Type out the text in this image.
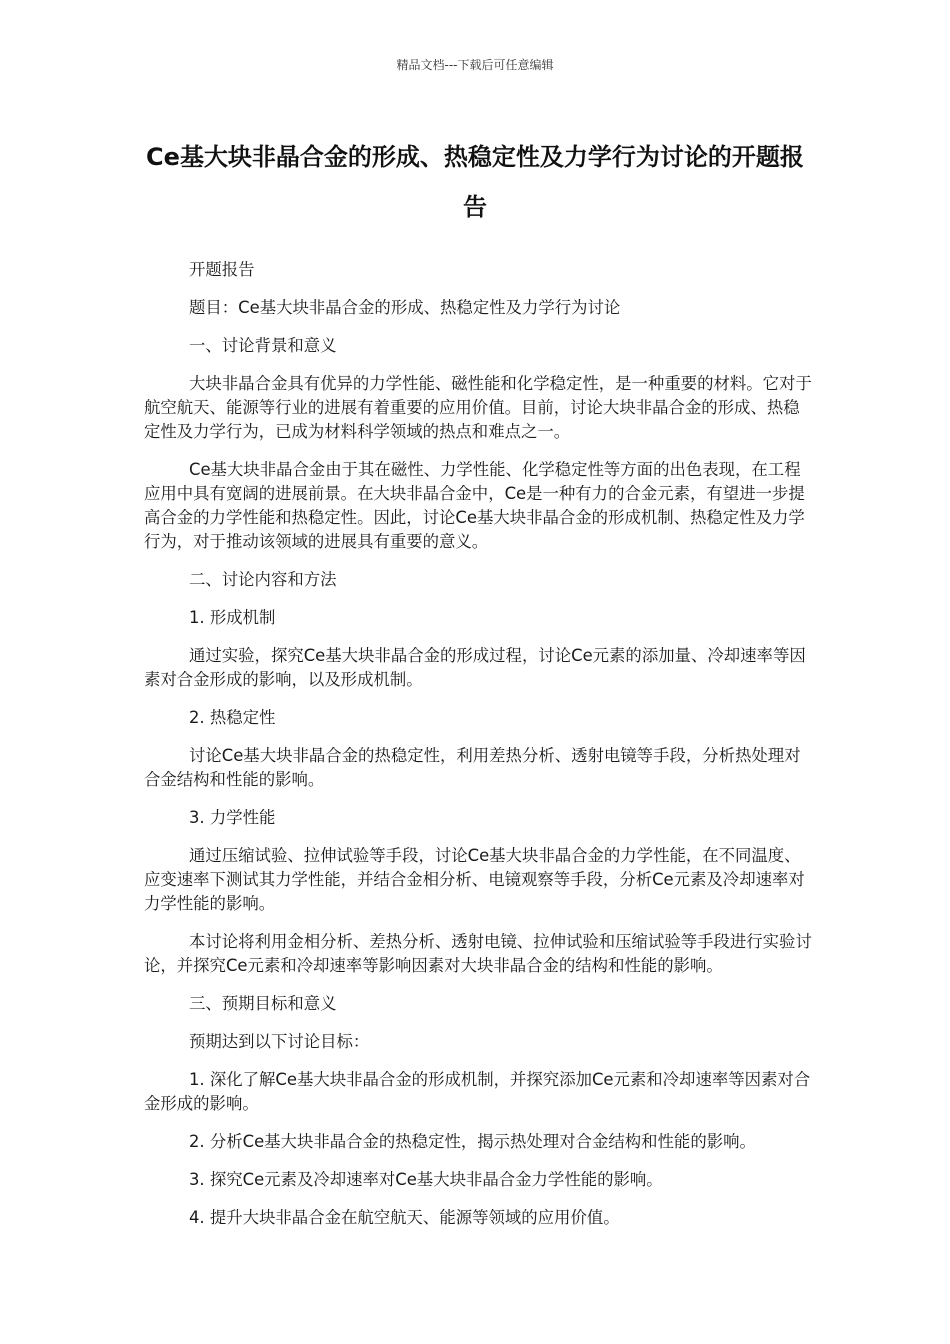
精品文档---下载后可任意编辑
Ce基大块非晶合金的形成、热稳定性及力学行为讨论的开题报告

开题报告

题目：Ce基大块非晶合金的形成、热稳定性及力学行为讨论

一、讨论背景和意义

大块非晶合金具有优异的力学性能、磁性能和化学稳定性，是一种重要的材料。它对于航空航天、能源等行业的进展有着重要的应用价值。目前，讨论大块非晶合金的形成、热稳定性及力学行为，已成为材料科学领域的热点和难点之一。

Ce基大块非晶合金由于其在磁性、力学性能、化学稳定性等方面的出色表现，在工程应用中具有宽阔的进展前景。在大块非晶合金中，Ce是一种有力的合金元素，有望进一步提高合金的力学性能和热稳定性。因此，讨论Ce基大块非晶合金的形成机制、热稳定性及力学行为，对于推动该领域的进展具有重要的意义。

二、讨论内容和方法

1. 形成机制

通过实验，探究Ce基大块非晶合金的形成过程，讨论Ce元素的添加量、冷却速率等因素对合金形成的影响，以及形成机制。

2. 热稳定性

讨论Ce基大块非晶合金的热稳定性，利用差热分析、透射电镜等手段，分析热处理对合金结构和性能的影响。

3. 力学性能

通过压缩试验、拉伸试验等手段，讨论Ce基大块非晶合金的力学性能，在不同温度、应变速率下测试其力学性能，并结合金相分析、电镜观察等手段，分析Ce元素及冷却速率对力学性能的影响。

本讨论将利用金相分析、差热分析、透射电镜、拉伸试验和压缩试验等手段进行实验讨论，并探究Ce元素和冷却速率等影响因素对大块非晶合金的结构和性能的影响。

三、预期目标和意义

预期达到以下讨论目标：

1. 深化了解Ce基大块非晶合金的形成机制，并探究添加Ce元素和冷却速率等因素对合金形成的影响。

2. 分析Ce基大块非晶合金的热稳定性，揭示热处理对合金结构和性能的影响。

3. 探究Ce元素及冷却速率对Ce基大块非晶合金力学性能的影响。

4. 提升大块非晶合金在航空航天、能源等领域的应用价值。
